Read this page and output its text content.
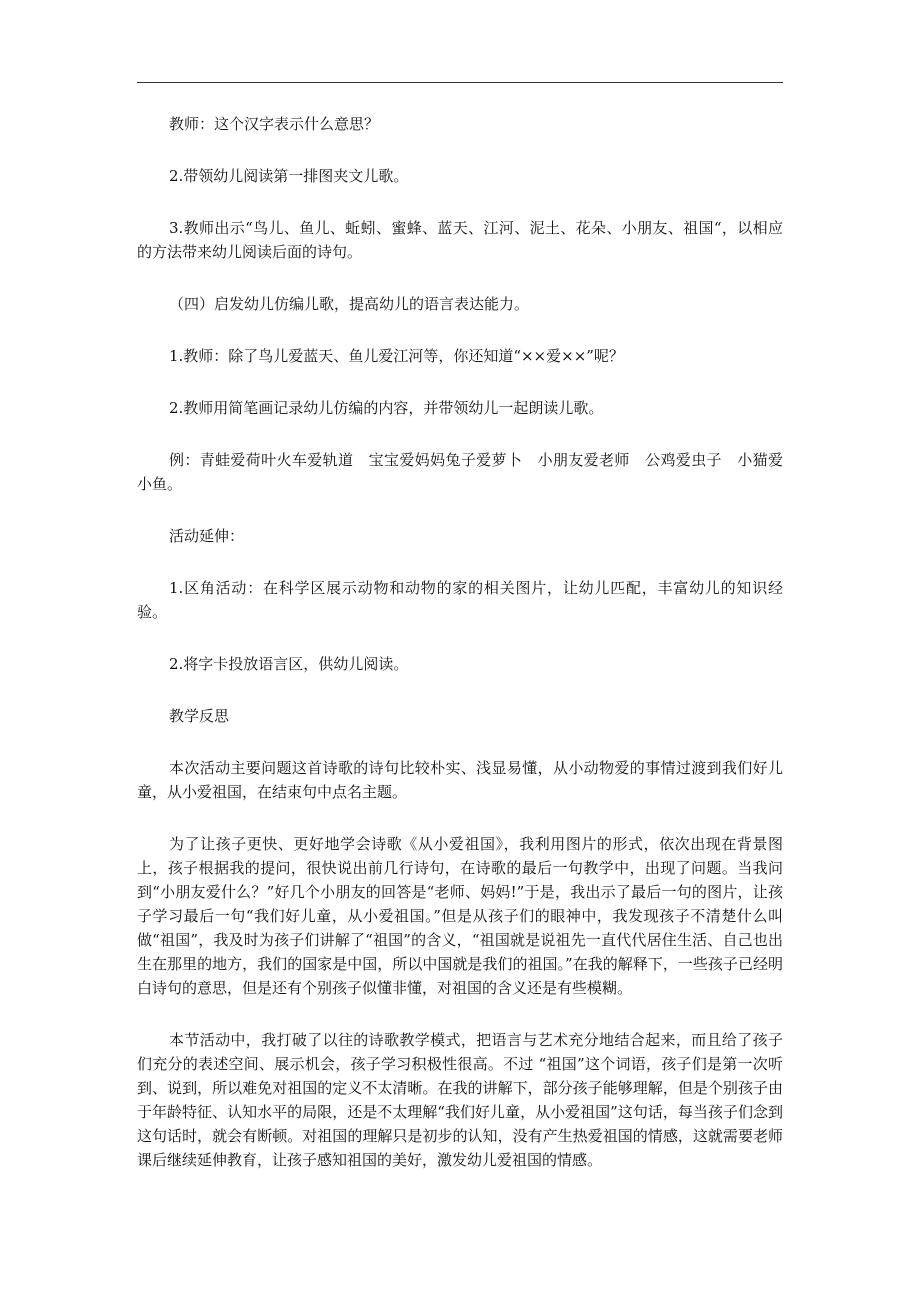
教师：这个汉字表示什么意思？

2.带领幼儿阅读第一排图夹文儿歌。

3.教师出示“鸟儿、鱼儿、蚯蚓、蜜蜂、蓝天、江河、泥土、花朵、小朋友、祖国“，以相应的方法带来幼儿阅读后面的诗句。

（四）启发幼儿仿编儿歌，提高幼儿的语言表达能力。

1.教师：除了鸟儿爱蓝天、鱼儿爱江河等，你还知道“××爱××”呢？

2.教师用简笔画记录幼儿仿编的内容，并带领幼儿一起朗读儿歌。

例：青蛙爱荷叶火车爱轨道　宝宝爱妈妈兔子爱萝卜　小朋友爱老师　公鸡爱虫子　小猫爱小鱼。

活动延伸：

1.区角活动：在科学区展示动物和动物的家的相关图片，让幼儿匹配，丰富幼儿的知识经验。

2.将字卡投放语言区，供幼儿阅读。

教学反思

本次活动主要问题这首诗歌的诗句比较朴实、浅显易懂，从小动物爱的事情过渡到我们好儿童，从小爱祖国，在结束句中点名主题。

为了让孩子更快、更好地学会诗歌《从小爱祖国》，我利用图片的形式，依次出现在背景图上，孩子根据我的提问，很快说出前几行诗句，在诗歌的最后一句教学中，出现了问题。当我问到“小朋友爱什么？”好几个小朋友的回答是“老师、妈妈!”于是，我出示了最后一句的图片，让孩子学习最后一句“我们好儿童，从小爱祖国。”但是从孩子们的眼神中，我发现孩子不清楚什么叫做“祖国”，我及时为孩子们讲解了“祖国”的含义，“祖国就是说祖先一直代代居住生活、自己也出生在那里的地方，我们的国家是中国，所以中国就是我们的祖国。”在我的解释下，一些孩子已经明白诗句的意思，但是还有个别孩子似懂非懂，对祖国的含义还是有些模糊。

本节活动中，我打破了以往的诗歌教学模式，把语言与艺术充分地结合起来，而且给了孩子们充分的表述空间、展示机会，孩子学习积极性很高。不过 “祖国”这个词语，孩子们是第一次听到、说到，所以难免对祖国的定义不太清晰。在我的讲解下，部分孩子能够理解，但是个别孩子由于年龄特征、认知水平的局限，还是不太理解“我们好儿童，从小爱祖国”这句话，每当孩子们念到这句话时，就会有断顿。对祖国的理解只是初步的认知，没有产生热爱祖国的情感，这就需要老师课后继续延伸教育，让孩子感知祖国的美好，激发幼儿爱祖国的情感。
